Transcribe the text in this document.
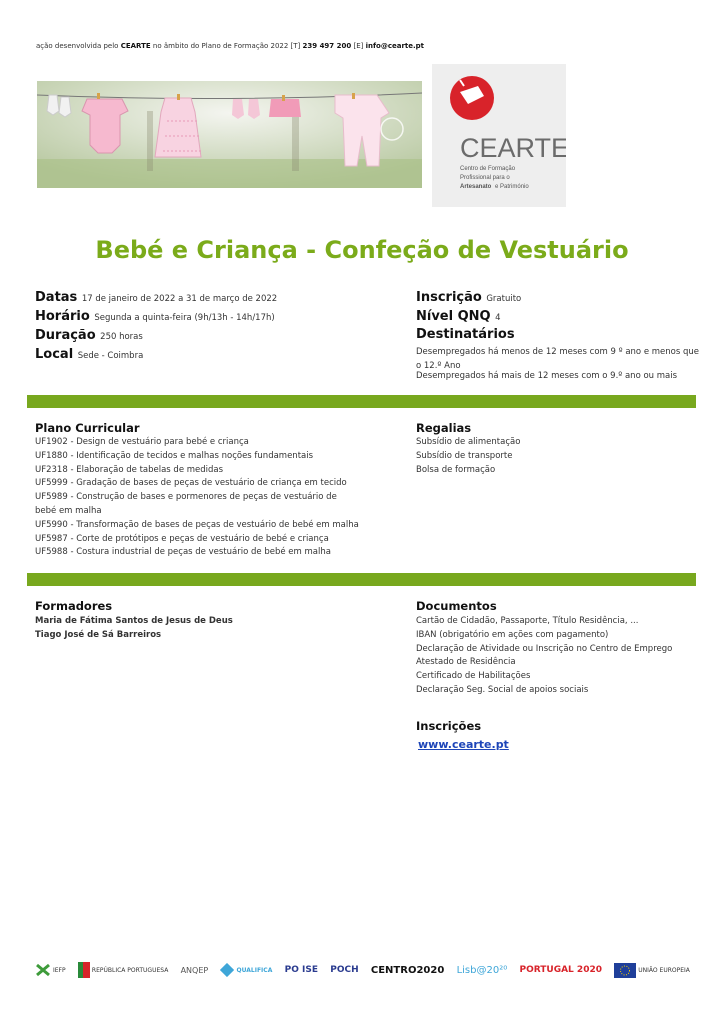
ação desenvolvida pelo CEARTE no âmbito do Plano de Formação 2022 [T] 239 497 200 [E] info@cearte.pt
CEARTE
Centro de Formação
Profissional para o
Artesanato e Património
Bebé e Criança - Confeção de Vestuário
Datas 17 de janeiro de 2022 a 31 de março de 2022
Horário Segunda a quinta-feira (9h/13h - 14h/17h)
Duração 250 horas
Local Sede - Coimbra
Inscrição Gratuito
Nível QNQ 4
Destinatários
Desempregados há menos de 12 meses com 9 º ano e menos que o 12.º Ano
Desempregados há mais de 12 meses com o 9.º ano ou mais
Plano Curricular
UF1902 - Design de vestuário para bebé e criança
UF1880 - Identificação de tecidos e malhas noções fundamentais
UF2318 - Elaboração de tabelas de medidas
UF5999 - Gradação de bases de peças de vestuário de criança em tecido
UF5989 - Construção de bases e pormenores de peças de vestuário de bebé em malha
UF5990 - Transformação de bases de peças de vestuário de bebé em malha
UF5987 - Corte de protótipos e peças de vestuário de bebé e criança
UF5988 - Costura industrial de peças de vestuário de bebé em malha
Regalias
Subsídio de alimentação
Subsídio de transporte
Bolsa de formação
Formadores
Maria de Fátima Santos de Jesus de Deus
Tiago José de Sá Barreiros
Documentos
Cartão de Cidadão, Passaporte, Título Residência, ...
IBAN (obrigatório em ações com pagamento)
Declaração de Atividade ou Inscrição no Centro de Emprego
Atestado de Residência
Certificado de Habilitações
Declaração Seg. Social de apoios sociais
Inscrições
www.cearte.pt
IEFP	REPÚBLICA PORTUGUESA ANQEP	QUALIFICA PO ISE POCH CENTRO2020 Lisb@20²⁰ PORTUGAL 2020	UNIÃO EUROPEIA
